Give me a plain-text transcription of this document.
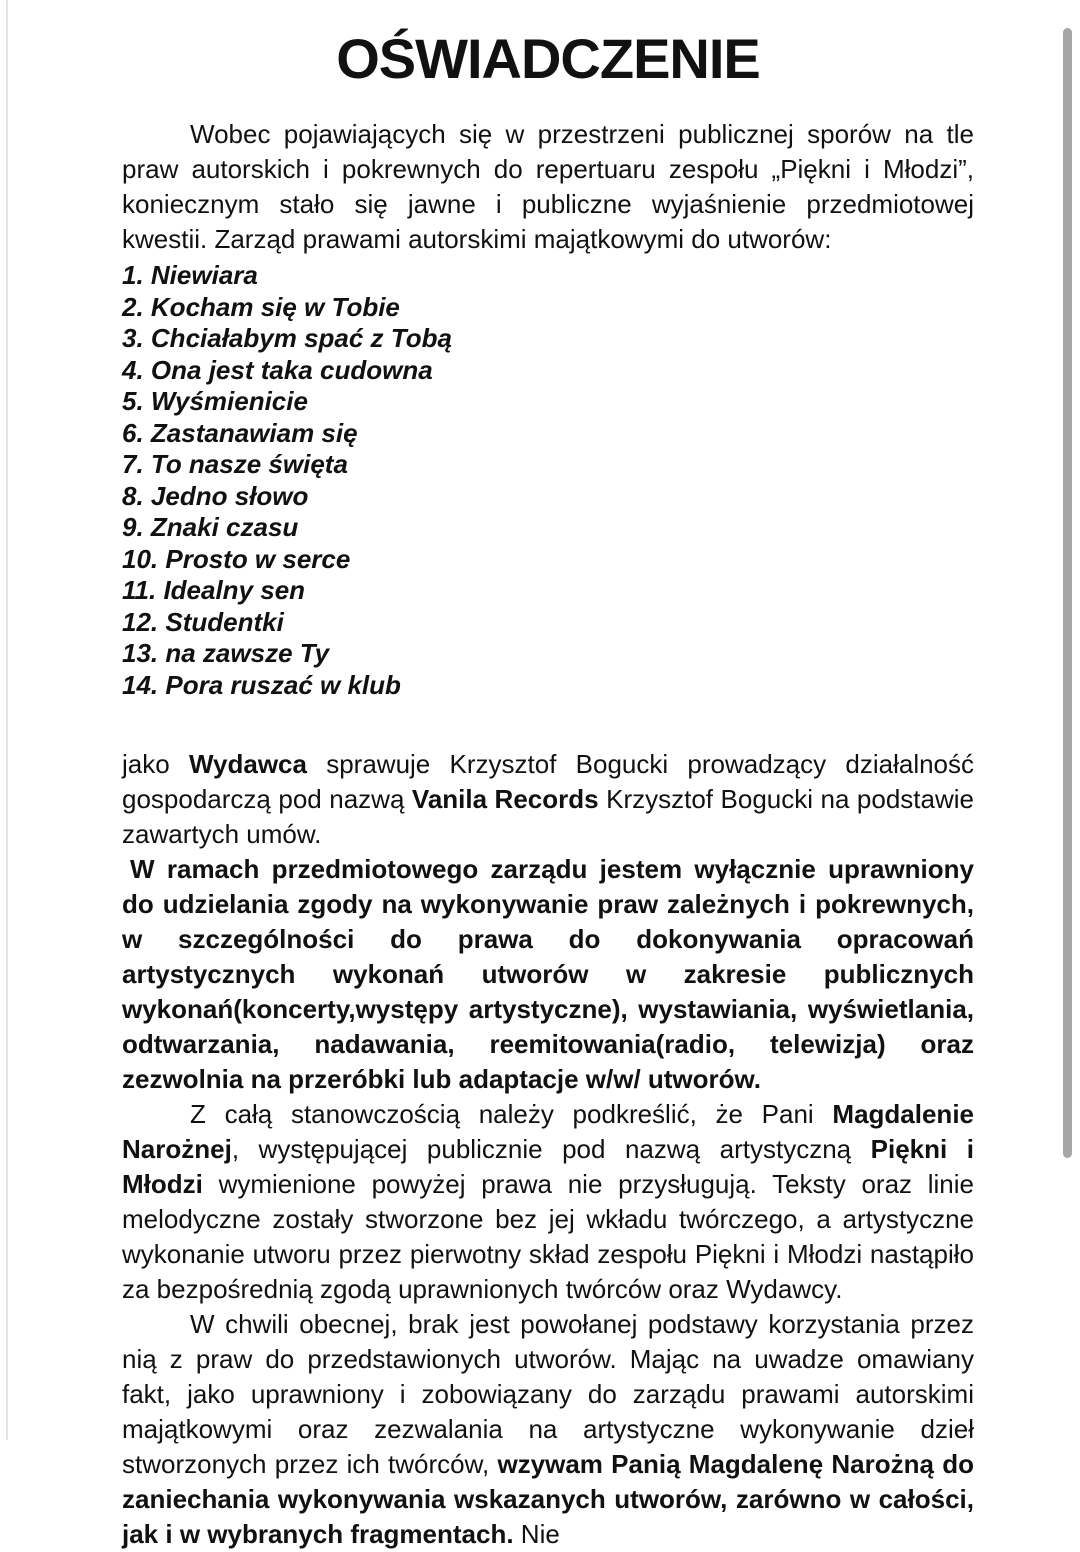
OŚWIADCZENIE

Wobec pojawiających się w przestrzeni publicznej sporów na tle praw autorskich i pokrewnych do repertuaru zespołu „Piękni i Młodzi”, koniecznym stało się jawne i publiczne wyjaśnienie przedmiotowej kwestii. Zarząd prawami autorskimi majątkowymi do utworów:

1. Niewiara
2. Kocham się w Tobie
3. Chciałabym spać z Tobą
4. Ona jest taka cudowna
5. Wyśmienicie
6. Zastanawiam się
7. To nasze święta
8. Jedno słowo
9. Znaki czasu
10. Prosto w serce
11. Idealny sen
12. Studentki
13. na zawsze Ty
14. Pora ruszać w klub

jako Wydawca sprawuje Krzysztof Bogucki prowadzący działalność gospodarczą pod nazwą Vanila Records Krzysztof Bogucki na podstawie zawartych umów.

W ramach przedmiotowego zarządu jestem wyłącznie uprawniony do udzielania zgody na wykonywanie praw zależnych i pokrewnych, w szczególności do prawa do dokonywania opracowań artystycznych wykonań utworów w zakresie publicznych wykonań(koncerty,występy artystyczne), wystawiania, wyświetlania, odtwarzania, nadawania, reemitowania(radio, telewizja) oraz zezwolnia na przeróbki lub adaptacje w/w/ utworów.

Z całą stanowczością należy podkreślić, że Pani Magdalenie Narożnej, występującej publicznie pod nazwą artystyczną Piękni i Młodzi wymienione powyżej prawa nie przysługują. Teksty oraz linie melodyczne zostały stworzone bez jej wkładu twórczego, a artystyczne wykonanie utworu przez pierwotny skład zespołu Piękni i Młodzi nastąpiło za bezpośrednią zgodą uprawnionych twórców oraz Wydawcy.

W chwili obecnej, brak jest powołanej podstawy korzystania przez nią z praw do przedstawionych utworów. Mając na uwadze omawiany fakt, jako uprawniony i zobowiązany do zarządu prawami autorskimi majątkowymi oraz zezwalania na artystyczne wykonywanie dzieł stworzonych przez ich twórców, wzywam Panią Magdalenę Narożną do zaniechania wykonywania wskazanych utworów, zarówno w całości, jak i w wybranych fragmentach. Nie
